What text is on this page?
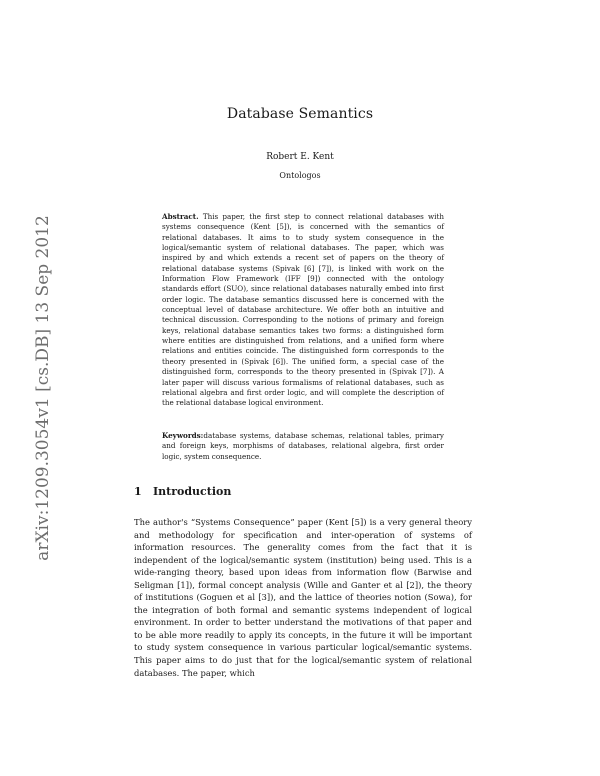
arXiv:1209.3054v1 [cs.DB] 13 Sep 2012
Database Semantics
Robert E. Kent
Ontologos

Abstract. This paper, the first step to connect relational databases with systems consequence (Kent [5]), is concerned with the semantics of relational databases. It aims to to study system consequence in the logical/semantic system of relational databases. The paper, which was inspired by and which extends a recent set of papers on the theory of relational database systems (Spivak [6] [7]), is linked with work on the Information Flow Framework (IFF [9]) connected with the ontology standards effort (SUO), since relational databases naturally embed into first order logic. The database semantics discussed here is concerned with the conceptual level of database architecture. We offer both an intuitive and technical discussion. Corresponding to the notions of primary and foreign keys, relational database semantics takes two forms: a distinguished form where entities are distinguished from relations, and a unified form where relations and entities coincide. The distinguished form corresponds to the theory presented in (Spivak [6]). The unified form, a special case of the distinguished form, corresponds to the theory presented in (Spivak [7]). A later paper will discuss various formalisms of relational databases, such as relational algebra and first order logic, and will complete the description of the relational database logical environment.

Keywords:database systems, database schemas, relational tables, primary and foreign keys, morphisms of databases, relational algebra, first order logic, system consequence.

1 Introduction

The author's “Systems Consequence” paper (Kent [5]) is a very general theory and methodology for specification and inter-operation of systems of information resources. The generality comes from the fact that it is independent of the logical/semantic system (institution) being used. This is a wide-ranging theory, based upon ideas from information flow (Barwise and Seligman [1]), formal concept analysis (Wille and Ganter et al [2]), the theory of institutions (Goguen et al [3]), and the lattice of theories notion (Sowa), for the integration of both formal and semantic systems independent of logical environment. In order to better understand the motivations of that paper and to be able more readily to apply its concepts, in the future it will be important to study system consequence in various particular logical/semantic systems. This paper aims to do just that for the logical/semantic system of relational databases. The paper, which
